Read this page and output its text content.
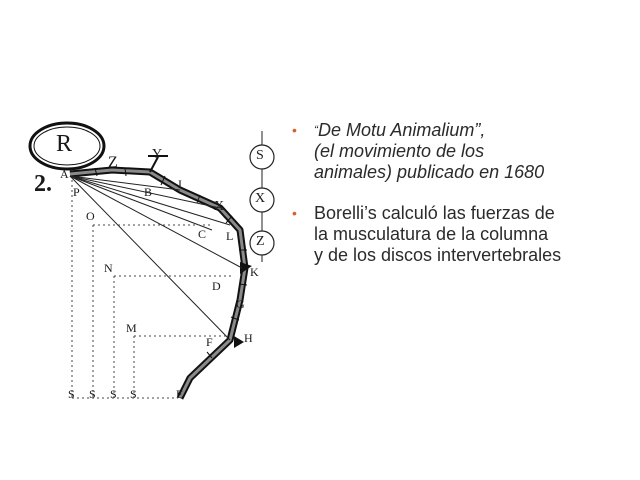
R
2. A
P
Z Y
B
I
X
O
C L
N
D
K
G
M
F	H
E
S
X
Z
S S S S
• “De Motu Animalium”,
(el movimiento de los
animales) publicado en 1680
• Borelli’s calculó las fuerzas de
la musculatura de la columna
y de los discos intervertebrales
